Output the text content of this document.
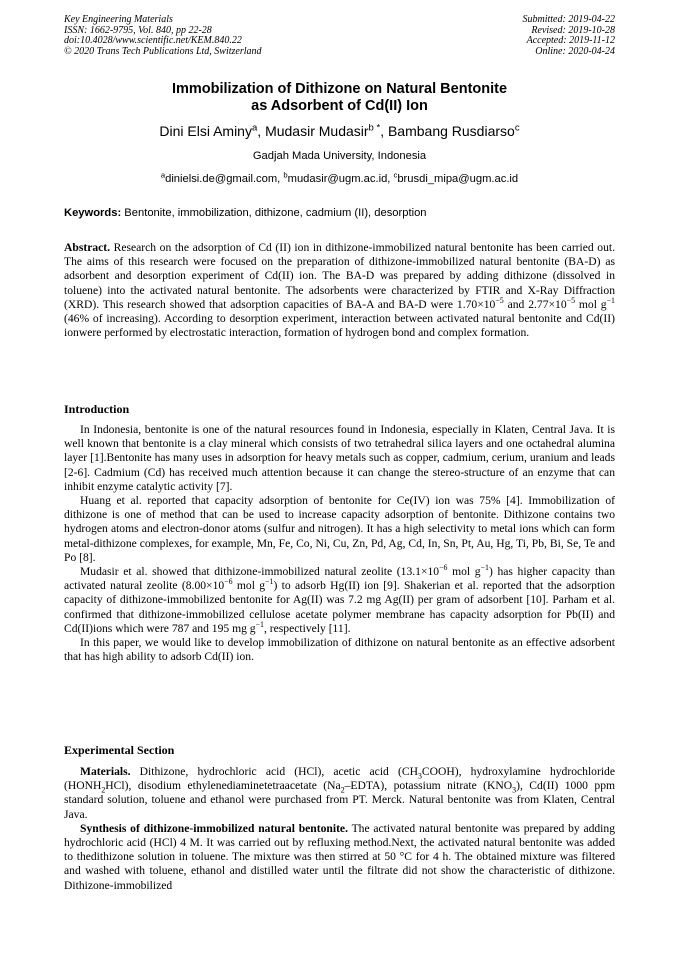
Key Engineering Materials
ISSN: 1662-9795, Vol. 840, pp 22-28
doi:10.4028/www.scientific.net/KEM.840.22
© 2020 Trans Tech Publications Ltd, Switzerland
Submitted: 2019-04-22
Revised: 2019-10-28
Accepted: 2019-11-12
Online: 2020-04-24
Immobilization of Dithizone on Natural Bentonite
as Adsorbent of Cd(II) Ion
Dini Elsi Aminy$^a$, Mudasir Mudasir$^{b *}$, Bambang Rusdiarso$^c$
Gadjah Mada University, Indonesia
$^a$dinielsi.de@gmail.com, $^b$mudasir@ugm.ac.id, $^c$brusdi_mipa@ugm.ac.id
Keywords: Bentonite, immobilization, dithizone, cadmium (II), desorption

Abstract. Research on the adsorption of Cd (II) ion in dithizone-immobilized natural bentonite has been carried out. The aims of this research were focused on the preparation of dithizone-immobilized natural bentonite (BA-D) as adsorbent and desorption experiment of Cd(II) ion. The BA-D was prepared by adding dithizone (dissolved in toluene) into the activated natural bentonite. The adsorbents were characterized by FTIR and X-Ray Diffraction (XRD). This research showed that adsorption capacities of BA-A and BA-D were $1.70\times 10^{-5}$ and $2.77\times 10^{-5}$ mol $g^{-1}$ (46% of increasing). According to desorption experiment, interaction between activated natural bentonite and Cd(II) ionwere performed by electrostatic interaction, formation of hydrogen bond and complex formation.

Introduction

In Indonesia, bentonite is one of the natural resources found in Indonesia, especially in Klaten, Central Java. It is well known that bentonite is a clay mineral which consists of two tetrahedral silica layers and one octahedral alumina layer [1].Bentonite has many uses in adsorption for heavy metals such as copper, cadmium, cerium, uranium and leads [2-6]. Cadmium (Cd) has received much attention because it can change the stereo-structure of an enzyme that can inhibit enzyme catalytic activity [7].

Huang et al. reported that capacity adsorption of bentonite for Ce(IV) ion was 75% [4]. Immobilization of dithizone is one of method that can be used to increase capacity adsorption of bentonite. Dithizone contains two hydrogen atoms and electron-donor atoms (sulfur and nitrogen). It has a high selectivity to metal ions which can form metal-dithizone complexes, for example, Mn, Fe, Co, Ni, Cu, Zn, Pd, Ag, Cd, In, Sn, Pt, Au, Hg, Ti, Pb, Bi, Se, Te and Po [8].

Mudasir et al. showed that dithizone-immobilized natural zeolite ($13.1\times 10^{-6}$ mol $g^{-1}$) has higher capacity than activated natural zeolite ($8.00\times 10^{-6}$ mol $g^{-1}$) to adsorb Hg(II) ion [9]. Shakerian et al. reported that the adsorption capacity of dithizone-immobilized bentonite for Ag(II) was 7.2 mg Ag(II) per gram of adsorbent [10]. Parham et al. confirmed that dithizone-immobilized cellulose acetate polymer membrane has capacity adsorption for Pb(II) and Cd(II)ions which were 787 and 195 mg $g^{-1}$, respectively [11].

In this paper, we would like to develop immobilization of dithizone on natural bentonite as an effective adsorbent that has high ability to adsorb Cd(II) ion.

Experimental Section

Materials. Dithizone, hydrochloric acid (HCl), acetic acid $(CH_3COOH)$, hydroxylamine hydrochloride $(HONH_2HCl)$, disodium ethylenediaminetetraacetate $(Na_2-EDTA)$, potassium nitrate $(KNO_3)$, Cd(II) 1000 ppm standard solution, toluene and ethanol were purchased from PT. Merck. Natural bentonite was from Klaten, Central Java.

Synthesis of dithizone-immobilized natural bentonite. The activated natural bentonite was prepared by adding hydrochloric acid (HCl) 4 M. It was carried out by refluxing method.Next, the activated natural bentonite was added to thedithizone solution in toluene. The mixture was then stirred at 50 °C for 4 h. The obtained mixture was filtered and washed with toluene, ethanol and distilled water until the filtrate did not show the characteristic of dithizone. Dithizone-immobilized
